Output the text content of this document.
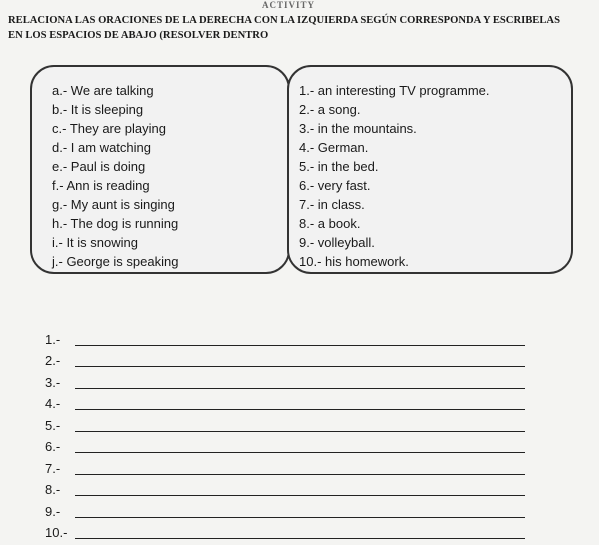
ACTIVITY
RELACIONA LAS ORACIONES DE LA DERECHA CON LA IZQUIERDA SEGÚN CORRESPONDA Y ESCRIBELAS
EN LOS ESPACIOS DE ABAJO (RESOLVER DENTRO
a.- We are talking
b.- It is sleeping
c.- They are playing
d.- I am watching
e.- Paul is doing
f.- Ann is reading
g.- My aunt is singing
h.- The dog is running
i.- It is snowing
j.- George is speaking
1.- an interesting TV programme.
2.- a song.
3.- in the mountains.
4.- German.
5.- in the bed.
6.- very fast.
7.- in class.
8.- a book.
9.- volleyball.
10.- his homework.
1.-
2.-
3.-
4.-
5.-
6.-
7.-
8.-
9.-
10.-
